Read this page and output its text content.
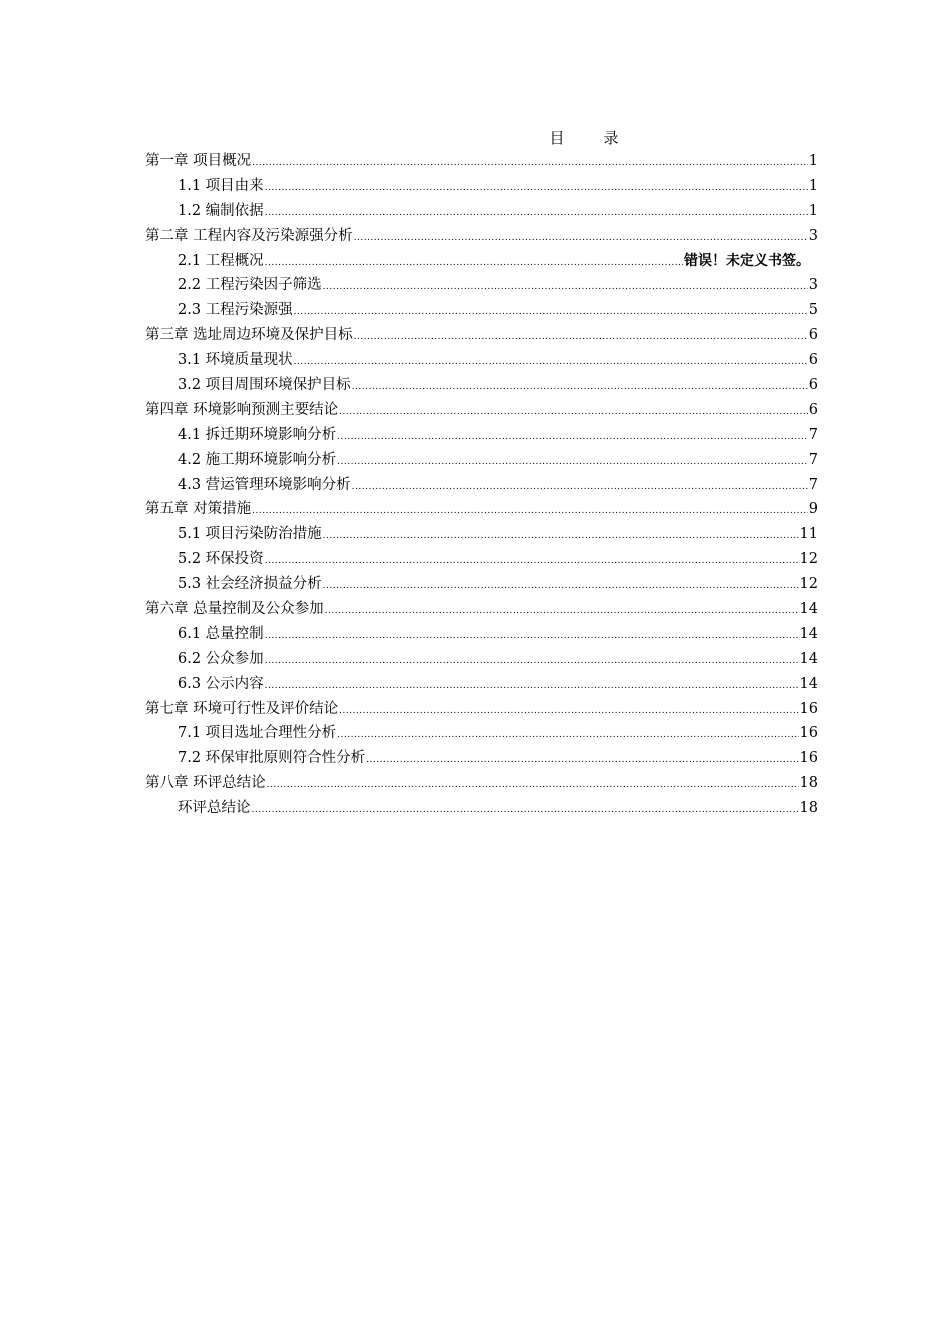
目　录
第一章 项目概况 .....	1
1.1 项目由来 .....	1
1.2 编制依据 .....	1
第二章 工程内容及污染源强分析 .....	3
2.1 工程概况 .....	错误！未定义书签。
2.2 工程污染因子筛选 .....	3
2.3 工程污染源强 .....	5
第三章 选址周边环境及保护目标 .....	6
3.1 环境质量现状 .....	6
3.2 项目周围环境保护目标 .....	6
第四章 环境影响预测主要结论 .....	6
4.1 拆迁期环境影响分析 .....	7
4.2 施工期环境影响分析 .....	7
4.3 营运管理环境影响分析 .....	7
第五章 对策措施 .....	9
5.1 项目污染防治措施 .....	11
5.2 环保投资 .....	12
5.3 社会经济损益分析 .....	12
第六章 总量控制及公众参加 .....	14
6.1 总量控制 .....	14
6.2 公众参加 .....	14
6.3 公示内容 .....	14
第七章 环境可行性及评价结论 .....	16
7.1 项目选址合理性分析 .....	16
7.2 环保审批原则符合性分析 .....	16
第八章 环评总结论 .....	18
环评总结论 .....	18
